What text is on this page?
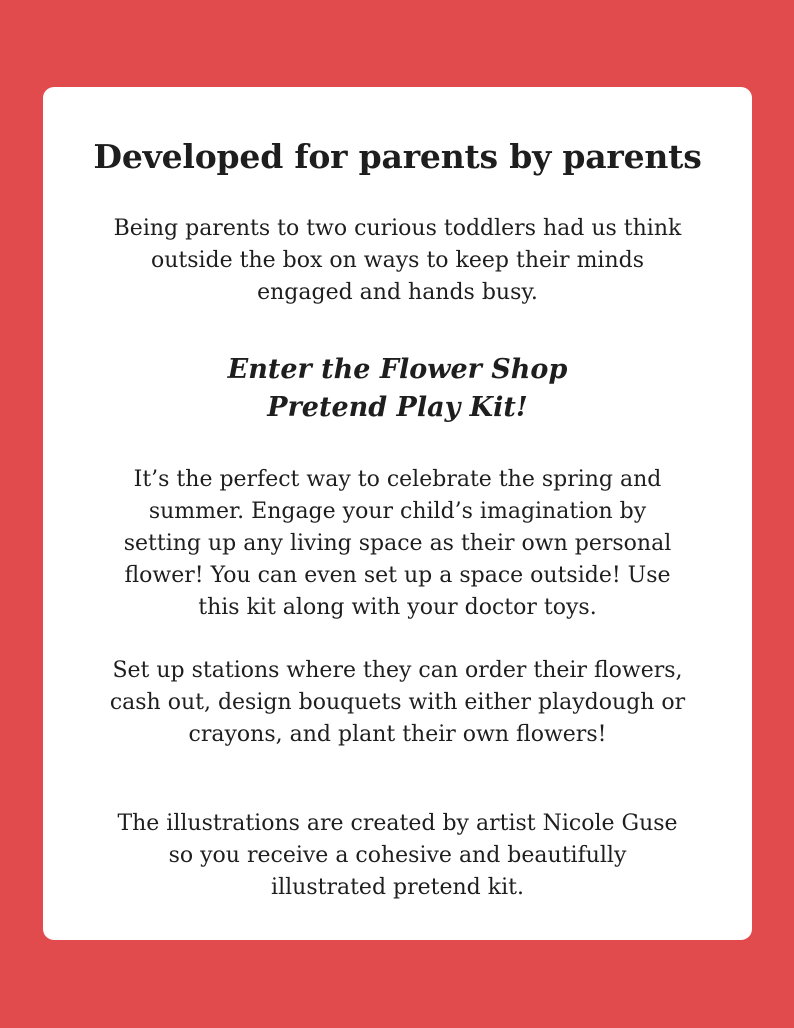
Developed for parents by parents

Being parents to two curious toddlers had us think
outside the box on ways to keep their minds
engaged and hands busy.

Enter the Flower Shop
Pretend Play Kit!

It’s the perfect way to celebrate the spring and
summer. Engage your child’s imagination by
setting up any living space as their own personal
flower! You can even set up a space outside! Use
this kit along with your doctor toys.

Set up stations where they can order their flowers,
cash out, design bouquets with either playdough or
crayons, and plant their own flowers!

The illustrations are created by artist Nicole Guse
so you receive a cohesive and beautifully
illustrated pretend kit.
